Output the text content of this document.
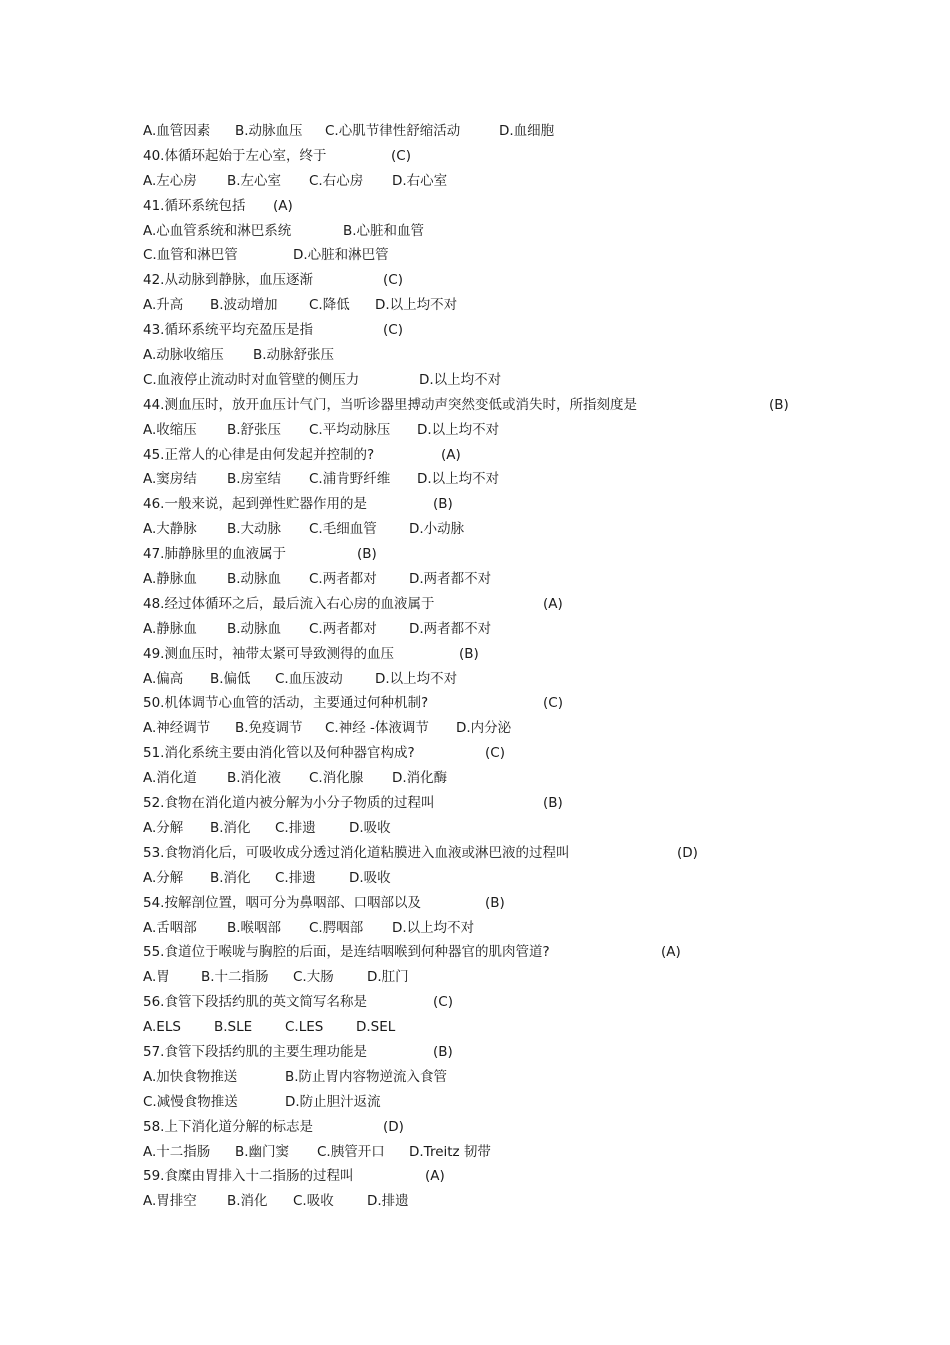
A.血管因素 B.动脉血压 C.心肌节律性舒缩活动	D.血细胞
40.体循环起始于左心室，终于	(C)
A.左心房 B.左心室 C.右心房 D.右心室
41.循环系统包括 (A)
A.心血管系统和淋巴系统	B.心脏和血管
C.血管和淋巴管	D.心脏和淋巴管
42.从动脉到静脉，血压逐渐	(C)
A.升高 B.波动增加 C.降低 D.以上均不对
43.循环系统平均充盈压是指	(C)
A.动脉收缩压 B.动脉舒张压
C.血液停止流动时对血管壁的侧压力	D.以上均不对
44.测血压时，放开血压计气门，当听诊器里搏动声突然变低或消失时，所指刻度是	(B)
A.收缩压 B.舒张压 C.平均动脉压 D.以上均不对
45.正常人的心律是由何发起并控制的?	(A)
A.窦房结 B.房室结 C.浦肯野纤维 D.以上均不对
46.一般来说，起到弹性贮器作用的是	(B)
A.大静脉 B.大动脉 C.毛细血管 D.小动脉
47.肺静脉里的血液属于	(B)
A.静脉血 B.动脉血 C.两者都对 D.两者都不对
48.经过体循环之后，最后流入右心房的血液属于	(A)
A.静脉血 B.动脉血 C.两者都对 D.两者都不对
49.测血压时，袖带太紧可导致测得的血压	(B)
A.偏高 B.偏低 C.血压波动 D.以上均不对
50.机体调节心血管的活动，主要通过何种机制?	(C)
A.神经调节 B.免疫调节 C.神经 -体液调节 D.内分泌
51.消化系统主要由消化管以及何种器官构成?	(C)
A.消化道 B.消化液 C.消化腺 D.消化酶
52.食物在消化道内被分解为小分子物质的过程叫	(B)
A.分解 B.消化 C.排遗 D.吸收
53.食物消化后，可吸收成分透过消化道粘膜进入血液或淋巴液的过程叫	(D)
A.分解 B.消化 C.排遗 D.吸收
54.按解剖位置，咽可分为鼻咽部、口咽部以及	(B)
A.舌咽部 B.喉咽部 C.腭咽部 D.以上均不对
55.食道位于喉咙与胸腔的后面，是连结咽喉到何种器官的肌肉管道?	(A)
A.胃 B.十二指肠 C.大肠 D.肛门
56.食管下段括约肌的英文简写名称是	(C)
A.ELS B.SLE C.LES D.SEL
57.食管下段括约肌的主要生理功能是	(B)
A.加快食物推送	B.防止胃内容物逆流入食管
C.减慢食物推送	D.防止胆汁返流
58.上下消化道分解的标志是	(D)
A.十二指肠 B.幽门窦 C.胰管开口 D.Treitz 韧带
59.食糜由胃排入十二指肠的过程叫	(A)
A.胃排空 B.消化 C.吸收 D.排遗
